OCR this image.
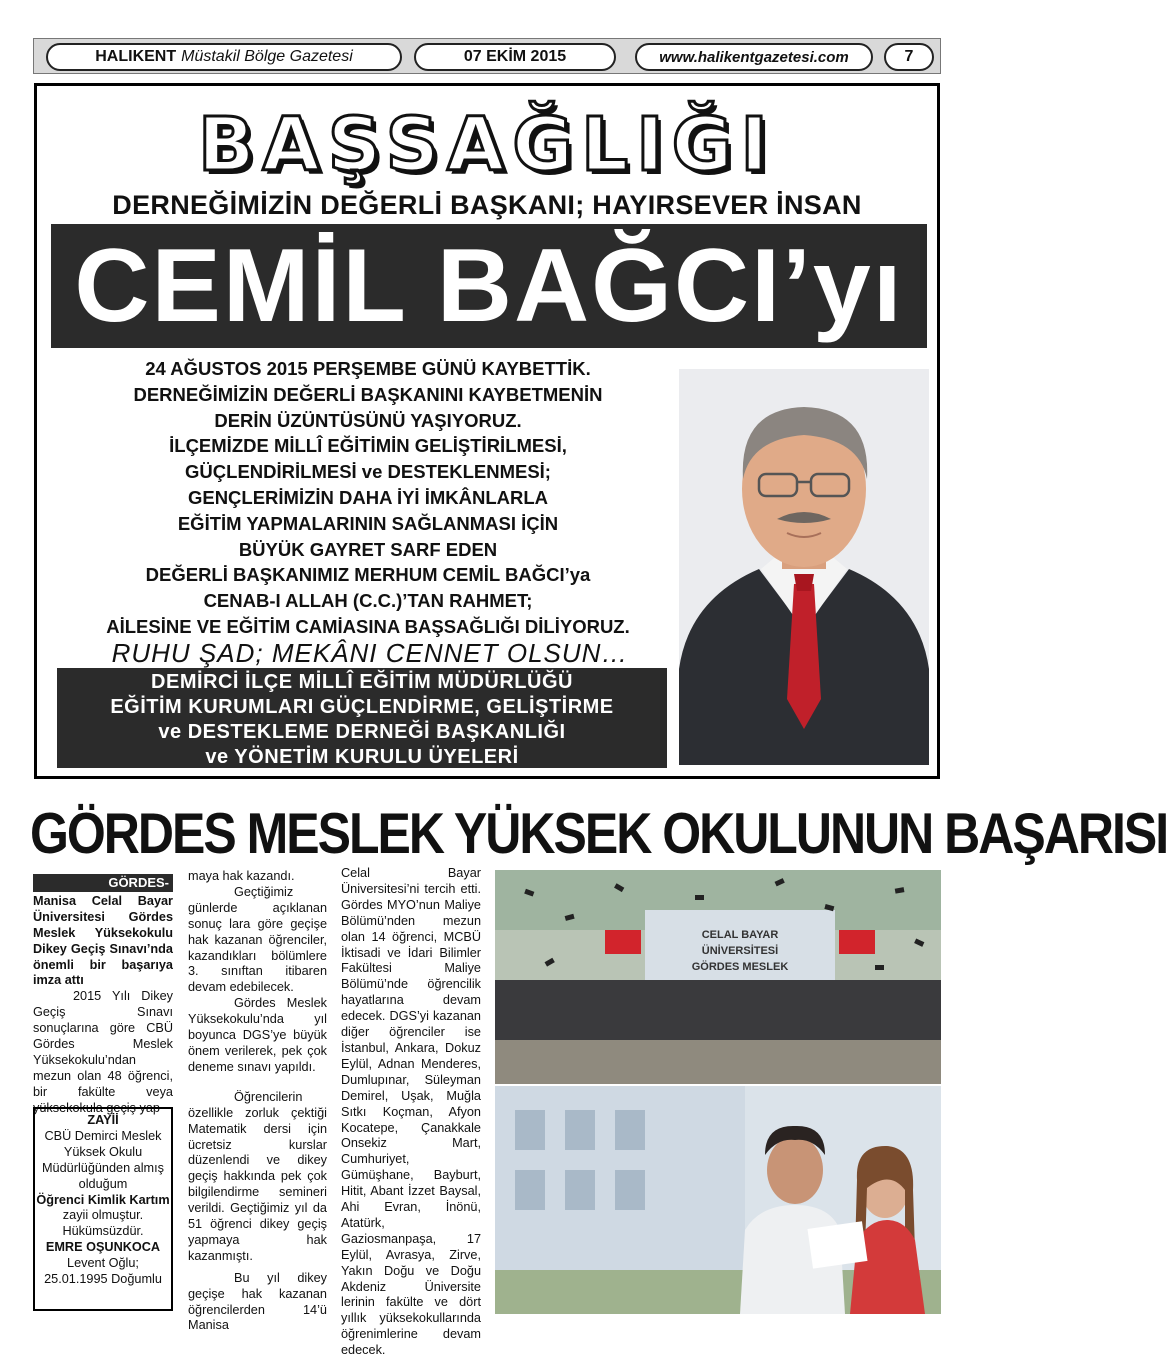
HALIKENT Müstakil Bölge Gazetesi	07 EKİM 2015	www.halikentgazetesi.com	7
BAŞSAĞLIĞI
DERNEĞİMİZİN DEĞERLİ BAŞKANI; HAYIRSEVER İNSAN
CEMİL BAĞCI’yı
24 AĞUSTOS 2015 PERŞEMBE GÜNÜ KAYBETTİK.
DERNEĞİMİZİN DEĞERLİ BAŞKANINI KAYBETMENİN
DERİN ÜZÜNTÜSÜNÜ YAŞIYORUZ.
İLÇEMİZDE MİLLÎ EĞİTİMİN GELİŞTİRİLMESİ,
GÜÇLENDİRİLMESİ ve DESTEKLENMESİ;
GENÇLERİMİZİN DAHA İYİ İMKÂNLARLA
EĞİTİM YAPMALARININ SAĞLANMASI İÇİN
BÜYÜK GAYRET SARF EDEN
DEĞERLİ BAŞKANIMIZ MERHUM CEMİL BAĞCI’ya
CENAB-I ALLAH (C.C.)’TAN RAHMET;
AİLESİNE VE EĞİTİM CAMİASINA BAŞSAĞLIĞI DİLİYORUZ.
RUHU ŞAD; MEKÂNI CENNET OLSUN…
DEMİRCİ İLÇE MİLLÎ EĞİTİM MÜDÜRLÜĞÜ
EĞİTİM KURUMLARI GÜÇLENDİRME, GELİŞTİRME
ve DESTEKLEME DERNEĞİ BAŞKANLIĞI
ve YÖNETİM KURULU ÜYELERİ
GÖRDES MESLEK YÜKSEK OKULUNUN BAŞARISI
GÖRDES-

Manisa Celal Bayar Üniversitesi Gördes Meslek Yüksekokulu Dikey Geçiş Sınavı’nda önemli bir başarıya imza attı

2015 Yılı Dikey Geçiş Sınavı sonuçlarına göre CBÜ Gördes Meslek Yüksekokulu’ndan mezun olan 48 öğrenci, bir fakülte veya yüksekokula geçiş yap-

ZAYİİ
CBÜ Demirci Meslek Yüksek Okulu Müdürlüğünden almış olduğum
Öğrenci Kimlik Kartım
zayii olmuştur. Hükümsüzdür.
EMRE OŞUNKOCA
Levent Oğlu; 25.01.1995 Doğumlu

maya hak kazandı.

Geçtiğimiz günlerde açıklanan sonuç lara göre geçişe hak kazanan öğrenciler, kazandıkları bölümlere 3. sınıftan itibaren devam edebilecek.

Gördes Meslek Yüksekokulu’nda yıl boyunca DGS’ye büyük önem verilerek, pek çok deneme sınavı yapıldı.

Öğrencilerin özellikle zorluk çektiği Matematik dersi için ücretsiz kurslar düzenlendi ve dikey geçiş hakkında pek çok bilgilendirme semineri verildi. Geçtiğimiz yıl da 51 öğrenci dikey geçiş yapmaya hak kazanmıştı.

Bu yıl dikey geçişe hak kazanan öğrencilerden 14’ü Manisa

Celal Bayar Üniversitesi’ni tercih etti. Gördes MYO’nun Maliye Bölümü’nden mezun olan 14 öğrenci, MCBÜ İktisadi ve İdari Bilimler Fakültesi Maliye Bölümü’nde öğrencilik hayatlarına devam edecek. DGS’yi kazanan diğer öğrenciler ise İstanbul, Ankara, Dokuz Eylül, Adnan Menderes, Dumlupınar, Süleyman Demirel, Uşak, Muğla Sıtkı Koçman, Afyon Kocatepe, Çanakkale Onsekiz Mart, Cumhuriyet, Gümüşhane, Bayburt, Hitit, Abant İzzet Baysal, Ahi Evran, İnönü, Atatürk, Gaziosmanpaşa, 17 Eylül, Avrasya, Zirve, Yakın Doğu ve Doğu Akdeniz Üniversite lerinin fakülte ve dört yıllık yüksekokullarında öğrenimlerine devam edecek.

CELAL BAYAR
ÜNİVERSİTESİ
GÖRDES MESLEK
